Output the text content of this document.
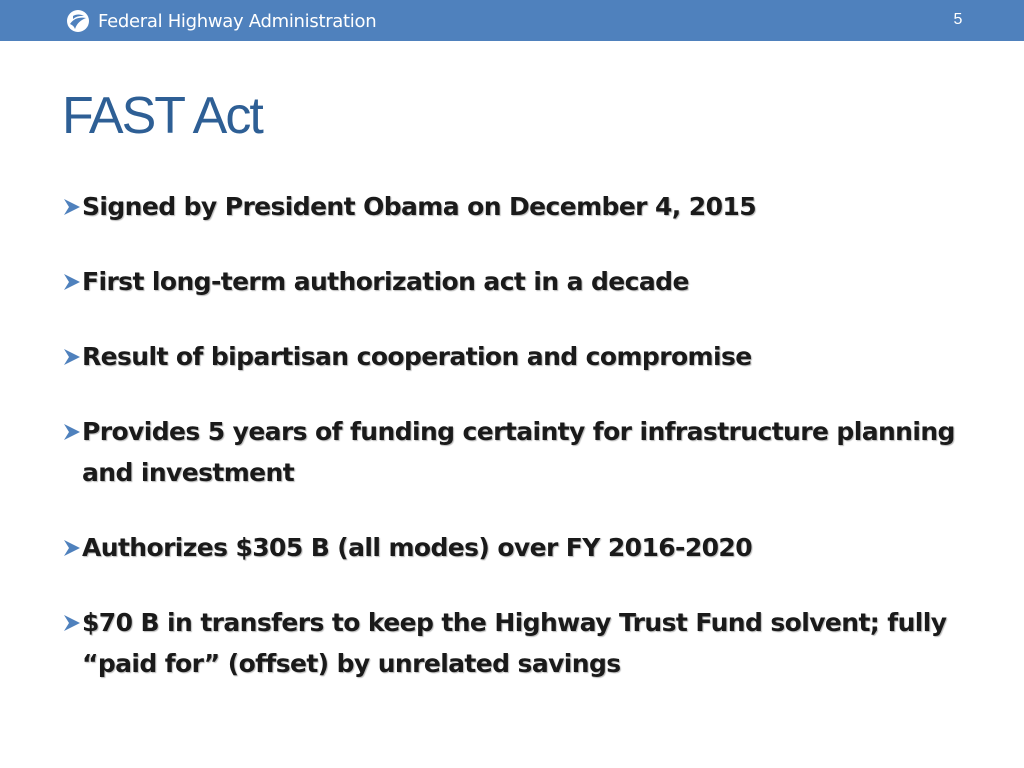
Federal Highway Administration	5
FAST Act
Signed by President Obama on December 4, 2015
First long-term authorization act in a decade
Result of bipartisan cooperation and compromise
Provides 5 years of funding certainty for infrastructure planning and investment
Authorizes $305 B (all modes) over FY 2016-2020
$70 B in transfers to keep the Highway Trust Fund solvent; fully “paid for” (offset) by unrelated savings
